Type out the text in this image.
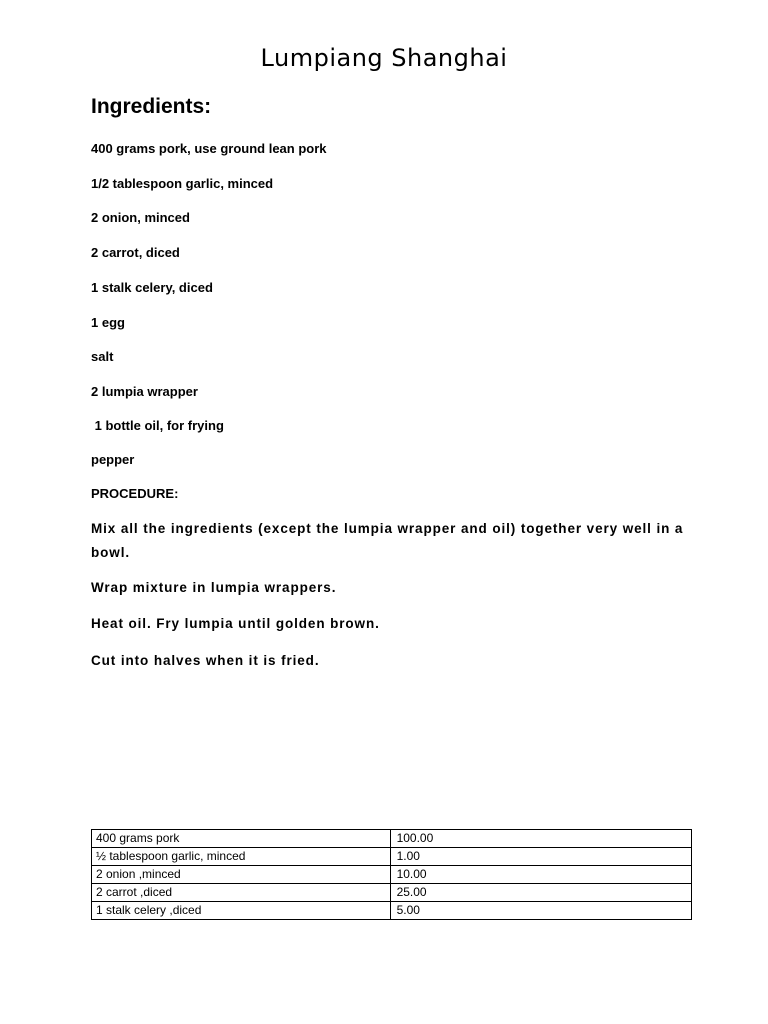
Lumpiang Shanghai
Ingredients:

400 grams pork, use ground lean pork

1/2 tablespoon garlic, minced

2 onion, minced

2 carrot, diced

1 stalk celery, diced

1 egg

salt

2 lumpia wrapper

1 bottle oil, for frying

pepper

PROCEDURE:

Mix all the ingredients (except the lumpia wrapper and oil) together very well in a bowl.

Wrap mixture in lumpia wrappers.

Heat oil. Fry lumpia until golden brown.

Cut into halves when it is fried.

400 grams pork	100.00
½ tablespoon garlic, minced	1.00
2 onion ,minced	10.00
2 carrot ,diced	25.00
1 stalk celery ,diced	5.00
